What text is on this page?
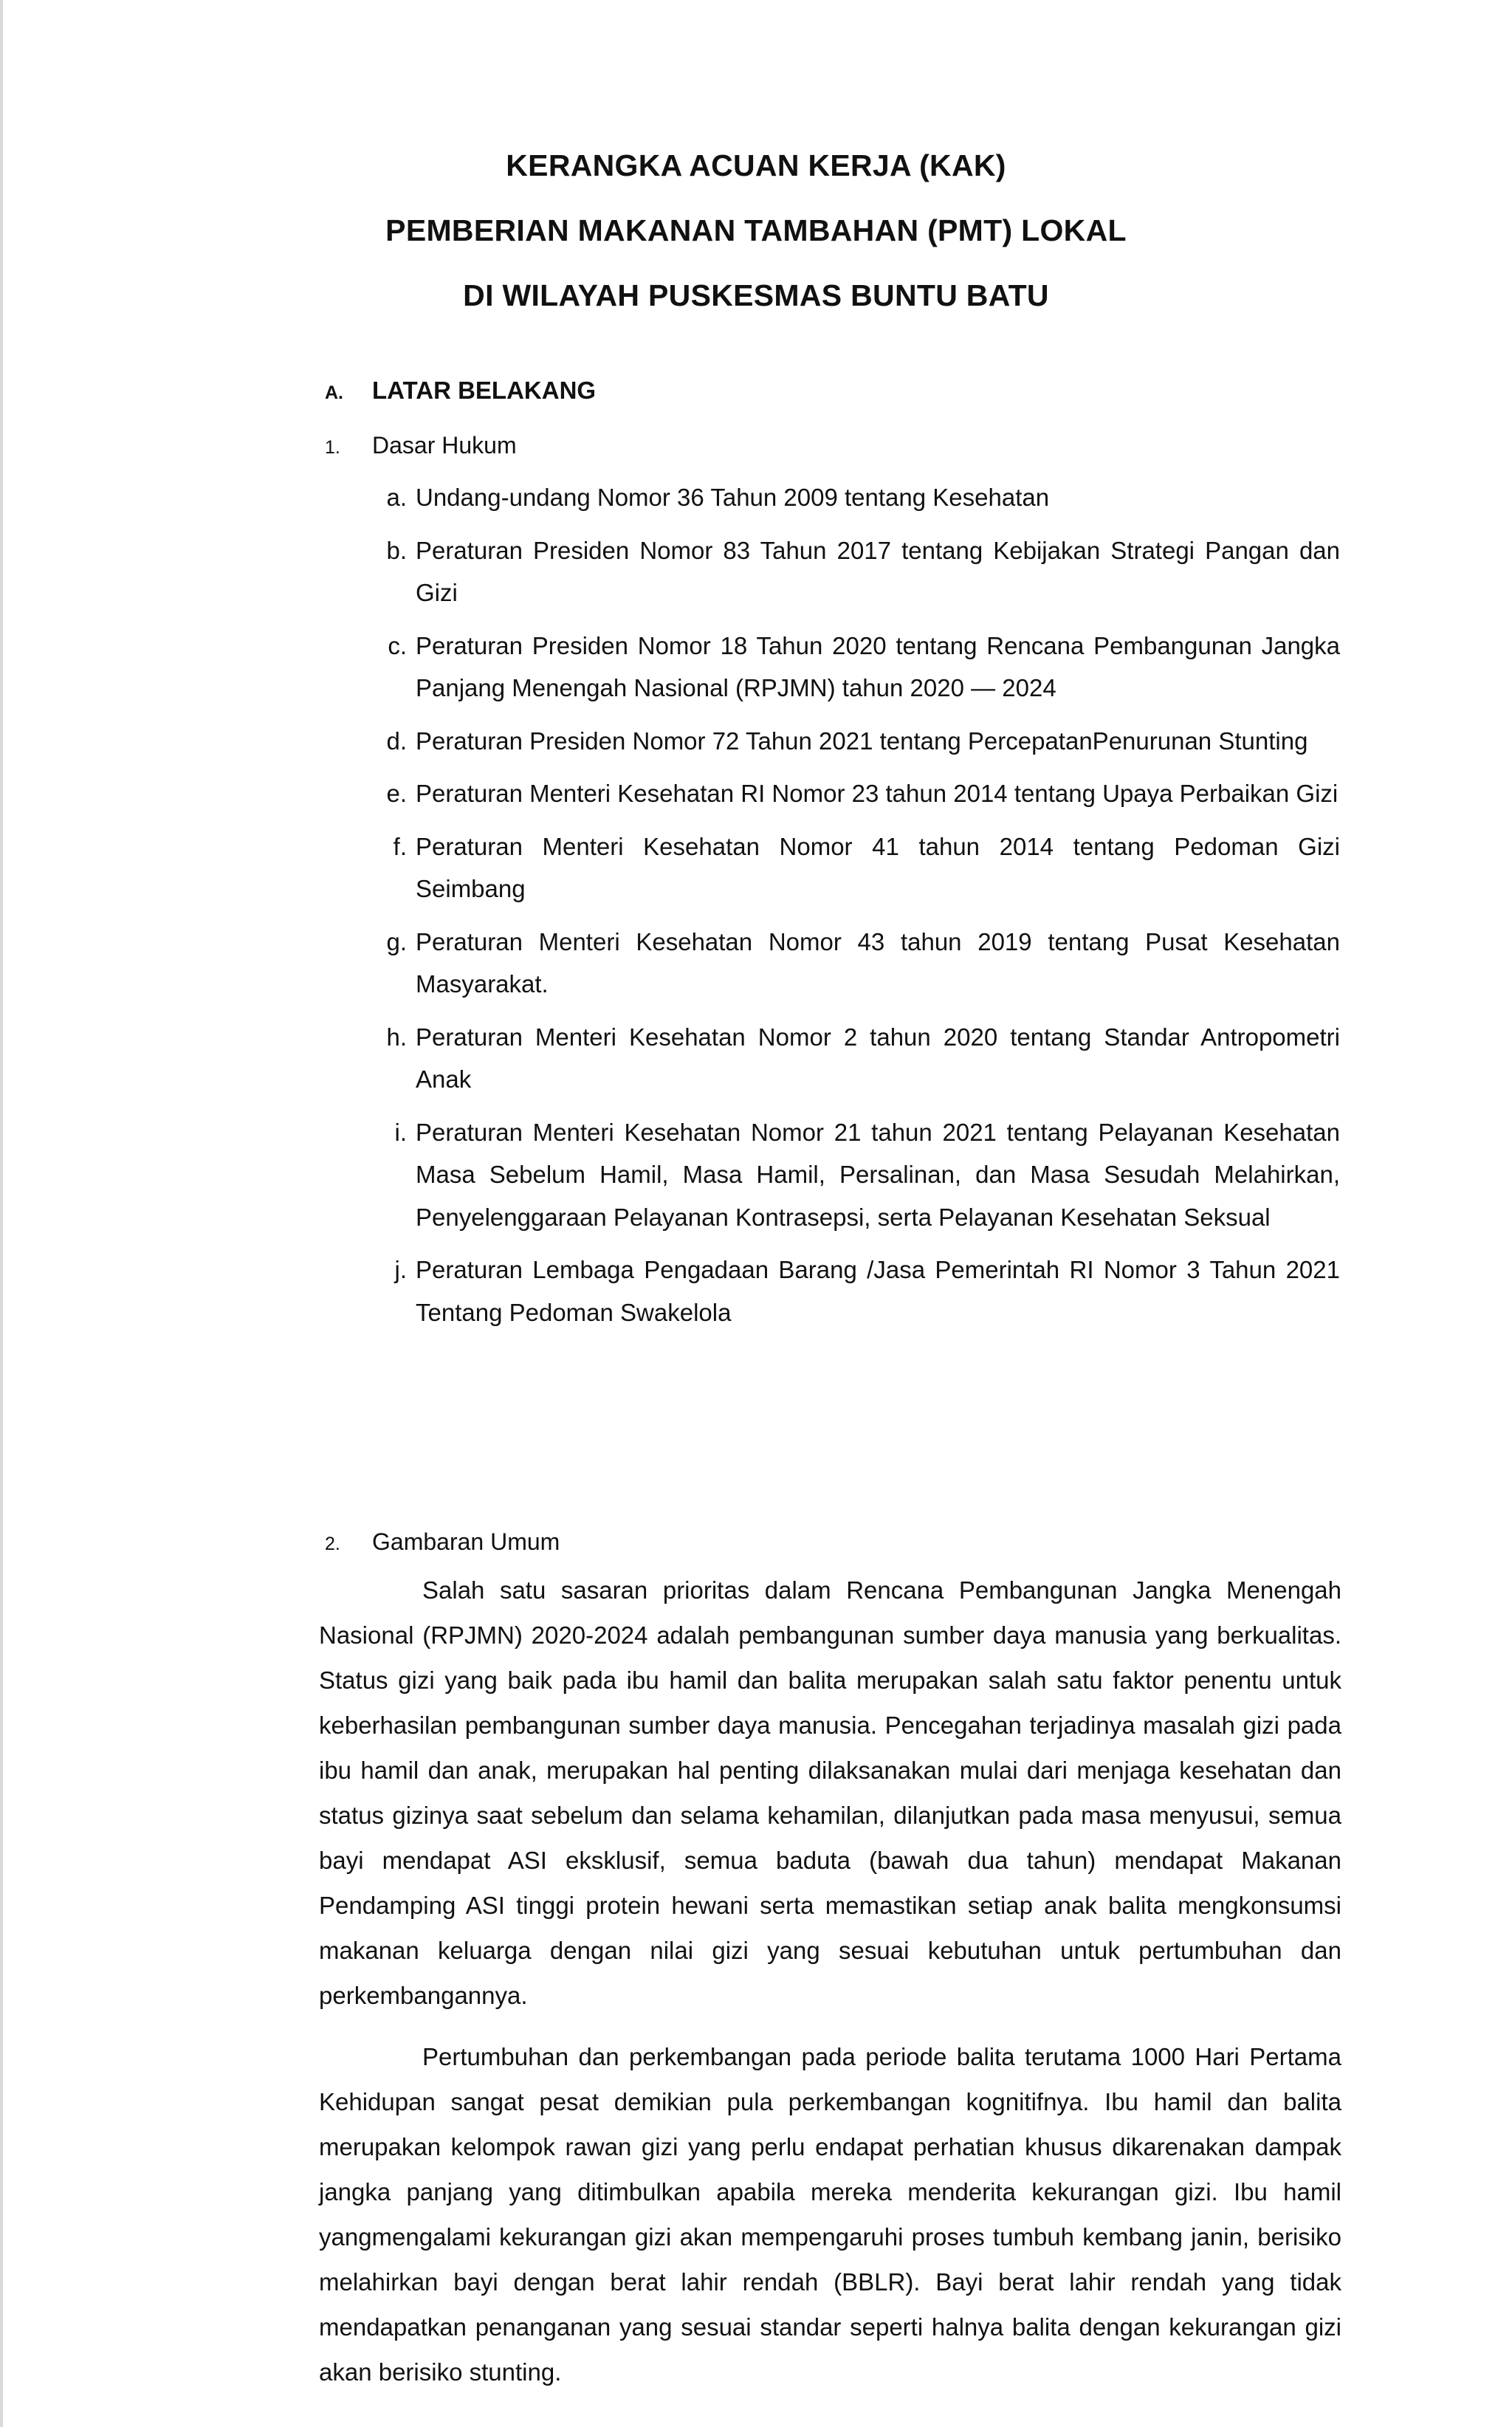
KERANGKA ACUAN KERJA (KAK)
PEMBERIAN MAKANAN TAMBAHAN (PMT) LOKAL
DI WILAYAH PUSKESMAS BUNTU BATU
A. LATAR BELAKANG
1. Dasar Hukum
a. Undang-undang Nomor 36 Tahun 2009 tentang Kesehatan
b. Peraturan Presiden Nomor 83 Tahun 2017 tentang Kebijakan Strategi Pangan dan Gizi
c. Peraturan Presiden Nomor 18 Tahun 2020 tentang Rencana Pembangunan Jangka Panjang Menengah Nasional (RPJMN) tahun 2020 — 2024
d. Peraturan Presiden Nomor 72 Tahun 2021 tentang PercepatanPenurunan Stunting
e. Peraturan Menteri Kesehatan RI Nomor 23 tahun 2014 tentang Upaya Perbaikan Gizi
f. Peraturan Menteri Kesehatan Nomor 41 tahun 2014 tentang Pedoman Gizi Seimbang
g. Peraturan Menteri Kesehatan Nomor 43 tahun 2019 tentang Pusat Kesehatan Masyarakat.
h. Peraturan Menteri Kesehatan Nomor 2 tahun 2020 tentang Standar Antropometri Anak
i. Peraturan Menteri Kesehatan Nomor 21 tahun 2021 tentang Pelayanan Kesehatan Masa Sebelum Hamil, Masa Hamil, Persalinan, dan Masa Sesudah Melahirkan, Penyelenggaraan Pelayanan Kontrasepsi, serta Pelayanan Kesehatan Seksual
j. Peraturan Lembaga Pengadaan Barang /Jasa Pemerintah RI Nomor 3 Tahun 2021 Tentang Pedoman Swakelola
2. Gambaran Umum

Salah satu sasaran prioritas dalam Rencana Pembangunan Jangka Menengah Nasional (RPJMN) 2020-2024 adalah pembangunan sumber daya manusia yang berkualitas. Status gizi yang baik pada ibu hamil dan balita merupakan salah satu faktor penentu untuk keberhasilan pembangunan sumber daya manusia. Pencegahan terjadinya masalah gizi pada ibu hamil dan anak, merupakan hal penting dilaksanakan mulai dari menjaga kesehatan dan status gizinya saat sebelum dan selama kehamilan, dilanjutkan pada masa menyusui, semua bayi mendapat ASI eksklusif, semua baduta (bawah dua tahun) mendapat Makanan Pendamping ASI tinggi protein hewani serta memastikan setiap anak balita mengkonsumsi makanan keluarga dengan nilai gizi yang sesuai kebutuhan untuk pertumbuhan dan perkembangannya.

Pertumbuhan dan perkembangan pada periode balita terutama 1000 Hari Pertama Kehidupan sangat pesat demikian pula perkembangan kognitifnya. Ibu hamil dan balita merupakan kelompok rawan gizi yang perlu endapat perhatian khusus dikarenakan dampak jangka panjang yang ditimbulkan apabila mereka menderita kekurangan gizi. Ibu hamil yangmengalami kekurangan gizi akan mempengaruhi proses tumbuh kembang janin, berisiko melahirkan bayi dengan berat lahir rendah (BBLR). Bayi berat lahir rendah yang tidak mendapatkan penanganan yang sesuai standar seperti halnya balita dengan kekurangan gizi akan berisiko stunting.
